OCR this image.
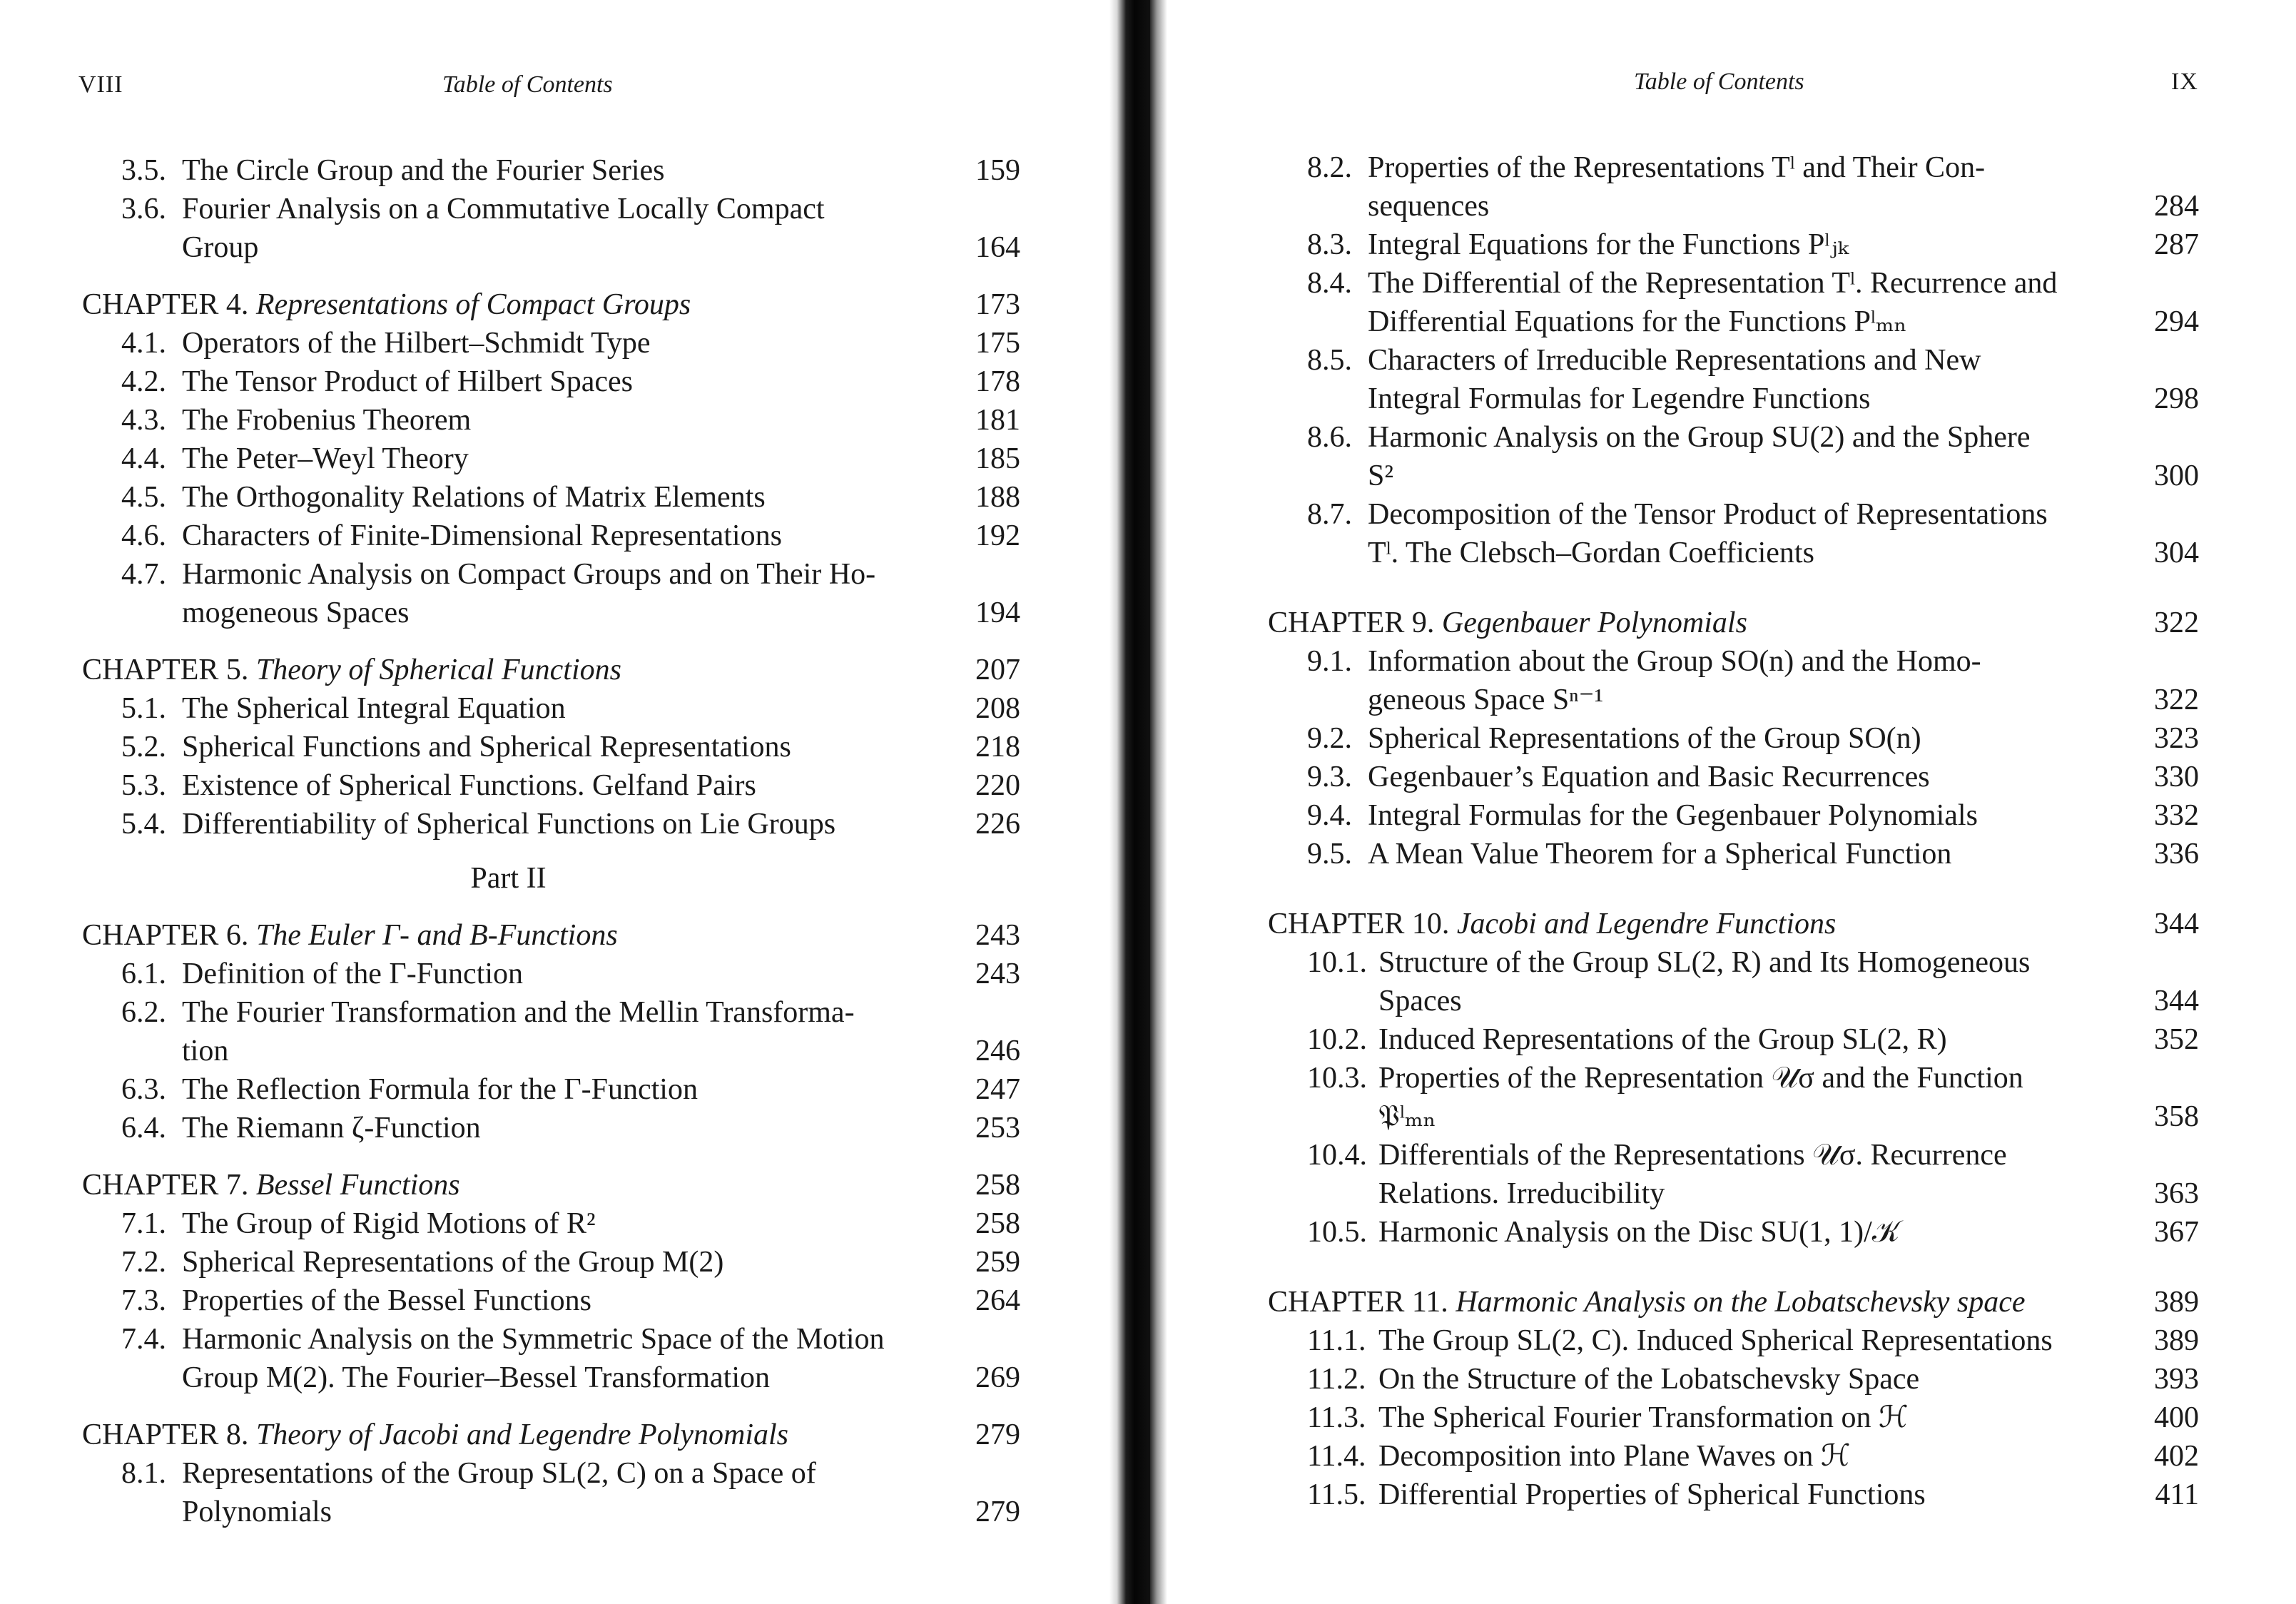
VIII	Table of Contents
3.5. The Circle Group and the Fourier Series	159
3.6. Fourier Analysis on a Commutative Locally Compact
Group	164
CHAPTER 4. Representations of Compact Groups	173
4.1. Operators of the Hilbert–Schmidt Type	175
4.2. The Tensor Product of Hilbert Spaces	178
4.3. The Frobenius Theorem	181
4.4. The Peter–Weyl Theory	185
4.5. The Orthogonality Relations of Matrix Elements	188
4.6. Characters of Finite-Dimensional Representations	192
4.7. Harmonic Analysis on Compact Groups and on Their Ho-
mogeneous Spaces	194
CHAPTER 5. Theory of Spherical Functions	207
5.1. The Spherical Integral Equation	208
5.2. Spherical Functions and Spherical Representations	218
5.3. Existence of Spherical Functions. Gelfand Pairs	220
5.4. Differentiability of Spherical Functions on Lie Groups	226
Part II
CHAPTER 6. The Euler Γ- and B-Functions	243
6.1. Definition of the Γ-Function	243
6.2. The Fourier Transformation and the Mellin Transforma-
tion	246
6.3. The Reflection Formula for the Γ-Function	247
6.4. The Riemann ζ-Function	253
CHAPTER 7. Bessel Functions	258
7.1. The Group of Rigid Motions of R²	258
7.2. Spherical Representations of the Group M(2)	259
7.3. Properties of the Bessel Functions	264
7.4. Harmonic Analysis on the Symmetric Space of the Motion
Group M(2). The Fourier–Bessel Transformation	269
CHAPTER 8. Theory of Jacobi and Legendre Polynomials	279
8.1. Representations of the Group SL(2, C) on a Space of
Polynomials	279
Table of Contents	IX
8.2. Properties of the Representations Tˡ and Their Con-
sequences	284
8.3. Integral Equations for the Functions Pˡⱼₖ	287
8.4. The Differential of the Representation Tˡ. Recurrence and
Differential Equations for the Functions Pˡₘₙ	294
8.5. Characters of Irreducible Representations and New
Integral Formulas for Legendre Functions	298
8.6. Harmonic Analysis on the Group SU(2) and the Sphere
S²	300
8.7. Decomposition of the Tensor Product of Representations
Tˡ. The Clebsch–Gordan Coefficients	304
CHAPTER 9. Gegenbauer Polynomials	322
9.1. Information about the Group SO(n) and the Homo-
geneous Space Sⁿ⁻¹	322
9.2. Spherical Representations of the Group SO(n)	323
9.3. Gegenbauer’s Equation and Basic Recurrences	330
9.4. Integral Formulas for the Gegenbauer Polynomials	332
9.5. A Mean Value Theorem for a Spherical Function	336
CHAPTER 10. Jacobi and Legendre Functions	344
10.1. Structure of the Group SL(2, R) and Its Homogeneous
Spaces	344
10.2. Induced Representations of the Group SL(2, R)	352
10.3. Properties of the Representation 𝒰σ and the Function
𝔓ˡₘₙ	358
10.4. Differentials of the Representations 𝒰σ. Recurrence
Relations. Irreducibility	363
10.5. Harmonic Analysis on the Disc SU(1, 1)/𝒦	367
CHAPTER 11. Harmonic Analysis on the Lobatschevsky space	389
11.1. The Group SL(2, C). Induced Spherical Representations	389
11.2. On the Structure of the Lobatschevsky Space	393
11.3. The Spherical Fourier Transformation on ℋ	400
11.4. Decomposition into Plane Waves on ℋ	402
11.5. Differential Properties of Spherical Functions	411
